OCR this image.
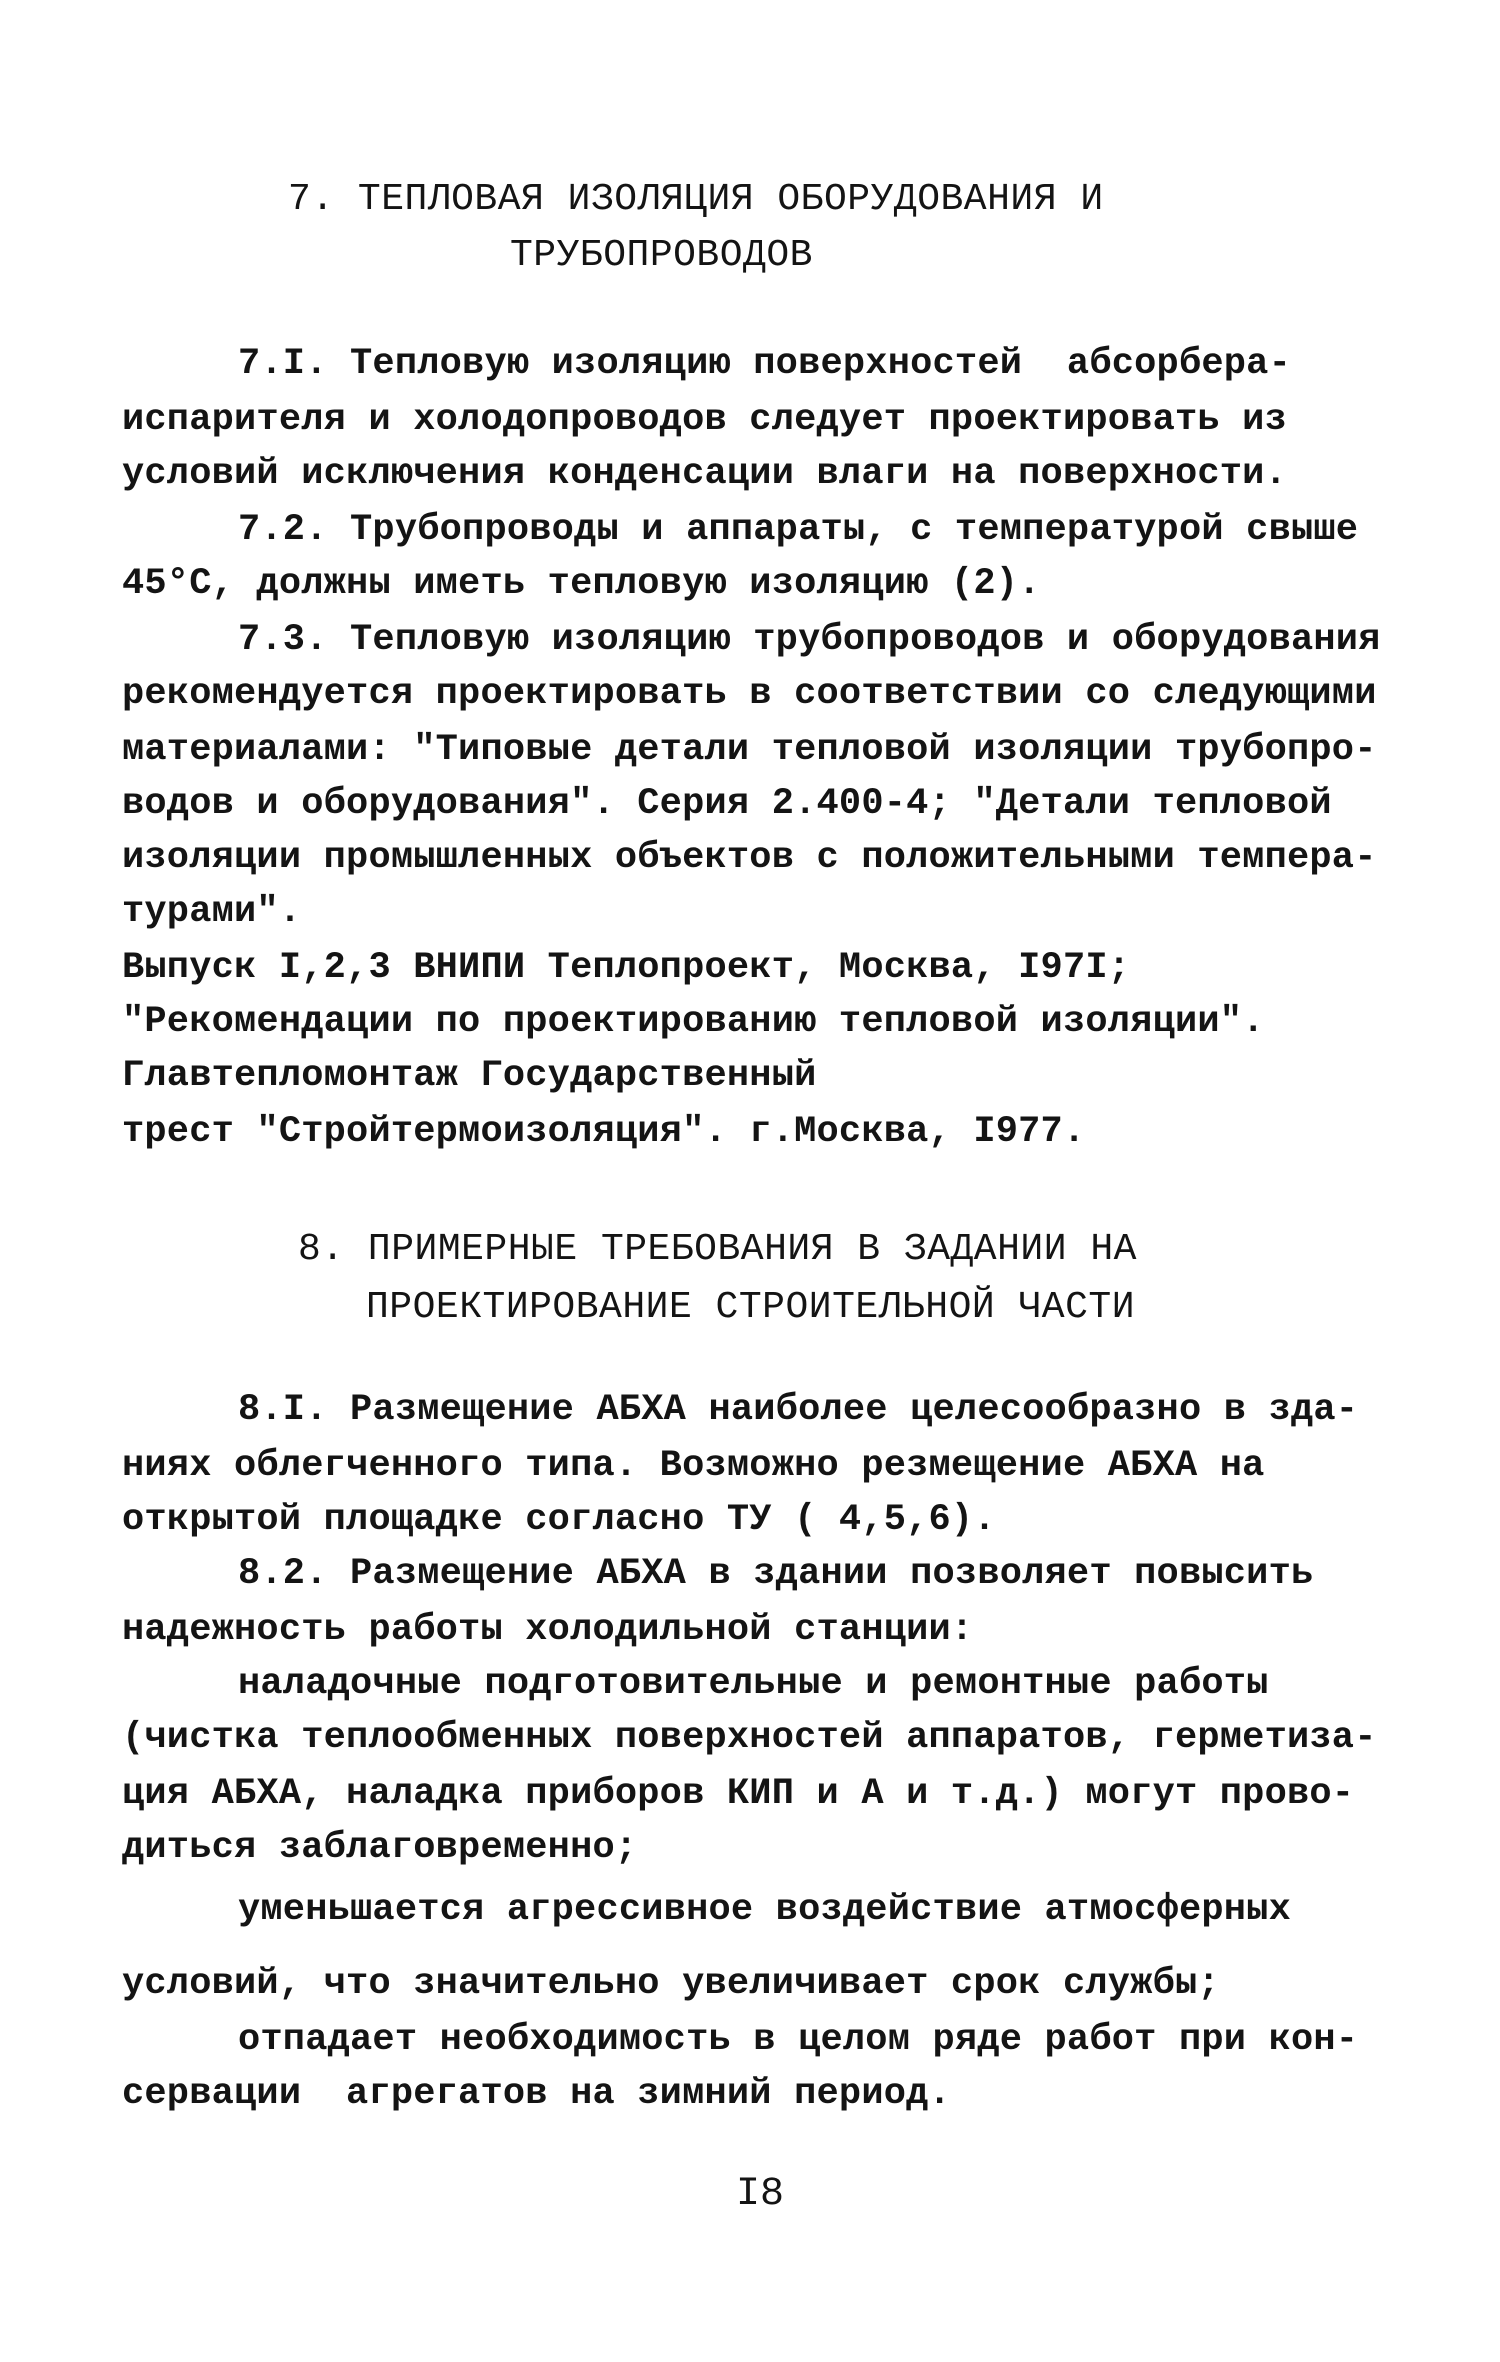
7. ТЕПЛОВАЯ ИЗОЛЯЦИЯ ОБОРУДОВАНИЯ И
ТРУБОПРОВОДОВ
7.I. Тепловую изоляцию поверхностей  абсорбера-
испарителя и холодопроводов следует проектировать из
условий исключения конденсации влаги на поверхности.
7.2. Трубопроводы и аппараты, с температурой свыше
45°С, должны иметь тепловую изоляцию (2).
7.3. Тепловую изоляцию трубопроводов и оборудования
рекомендуется проектировать в соответствии со следующими
материалами: "Типовые детали тепловой изоляции трубопро-
водов и оборудования". Серия 2.400-4; "Детали тепловой
изоляции промышленных объектов с положительными темпера-
турами".
Выпуск I,2,3 ВНИПИ Теплопроект, Москва, I97I;
"Рекомендации по проектированию тепловой изоляции".
Главтепломонтаж Государственный
трест "Стройтермоизоляция". г.Москва, I977.
8. ПРИМЕРНЫЕ ТРЕБОВАНИЯ В ЗАДАНИИ НА
ПРОЕКТИРОВАНИЕ СТРОИТЕЛЬНОЙ ЧАСТИ
8.I. Размещение АБХА наиболее целесообразно в зда-
ниях облегченного типа. Возможно резмещение АБХА на
открытой площадке согласно ТУ ( 4,5,6).
8.2. Размещение АБХА в здании позволяет повысить
надежность работы холодильной станции:
наладочные подготовительные и ремонтные работы
(чистка теплообменных поверхностей аппаратов, герметиза-
ция АБХА, наладка приборов КИП и А и т.д.) могут прово-
диться заблаговременно;
уменьшается агрессивное воздействие атмосферных
условий, что значительно увеличивает срок службы;
отпадает необходимость в целом ряде работ при кон-
сервации  агрегатов на зимний период.
I8
